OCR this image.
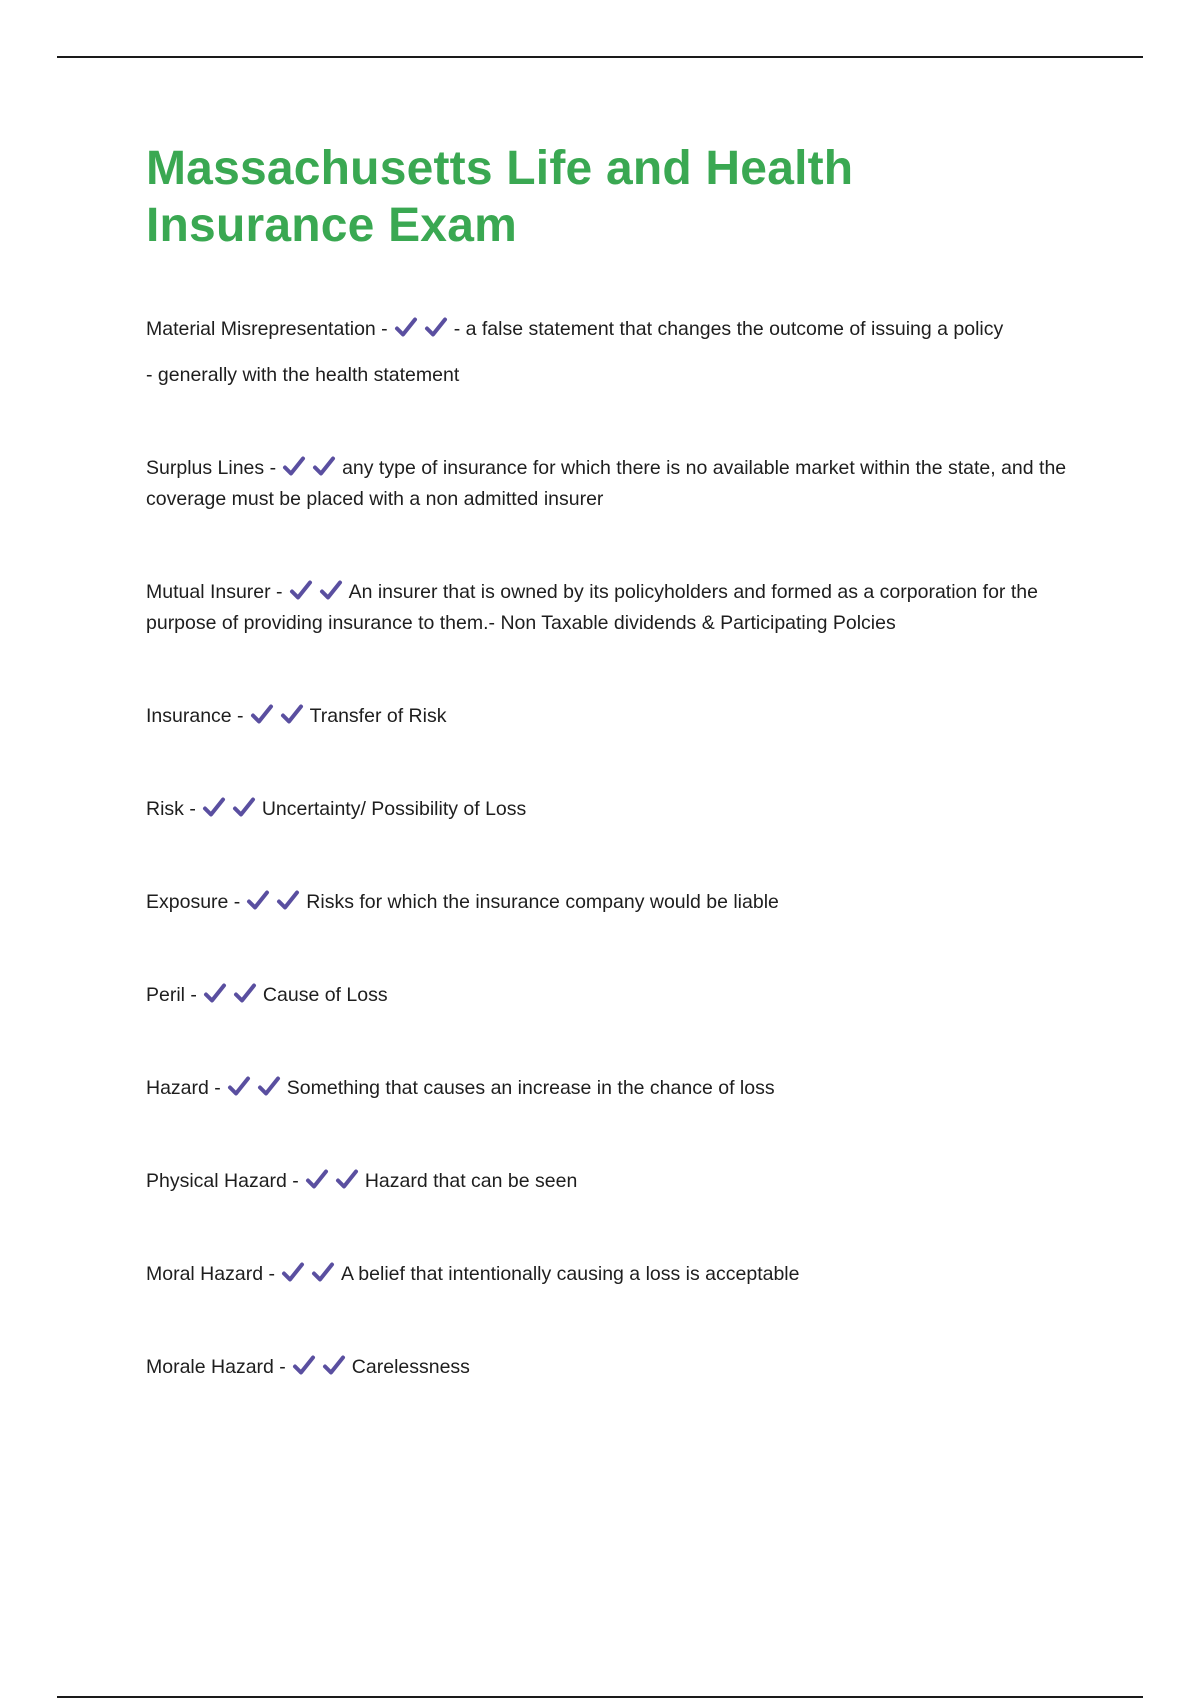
Massachusetts Life and Health
Insurance Exam
Material Misrepresentation -	- a false statement that changes the outcome of issuing a policy
- generally with the health statement
Surplus Lines -	any type of insurance for which there is no available market within the state, and the coverage must be placed with a non admitted insurer
Mutual Insurer -	An insurer that is owned by its policyholders and formed as a corporation for the purpose of providing insurance to them.- Non Taxable dividends & Participating Polcies
Insurance -	Transfer of Risk
Risk -	Uncertainty/ Possibility of Loss
Exposure -	Risks for which the insurance company would be liable
Peril -	Cause of Loss
Hazard -	Something that causes an increase in the chance of loss
Physical Hazard -	Hazard that can be seen
Moral Hazard -	A belief that intentionally causing a loss is acceptable
Morale Hazard -	Carelessness
